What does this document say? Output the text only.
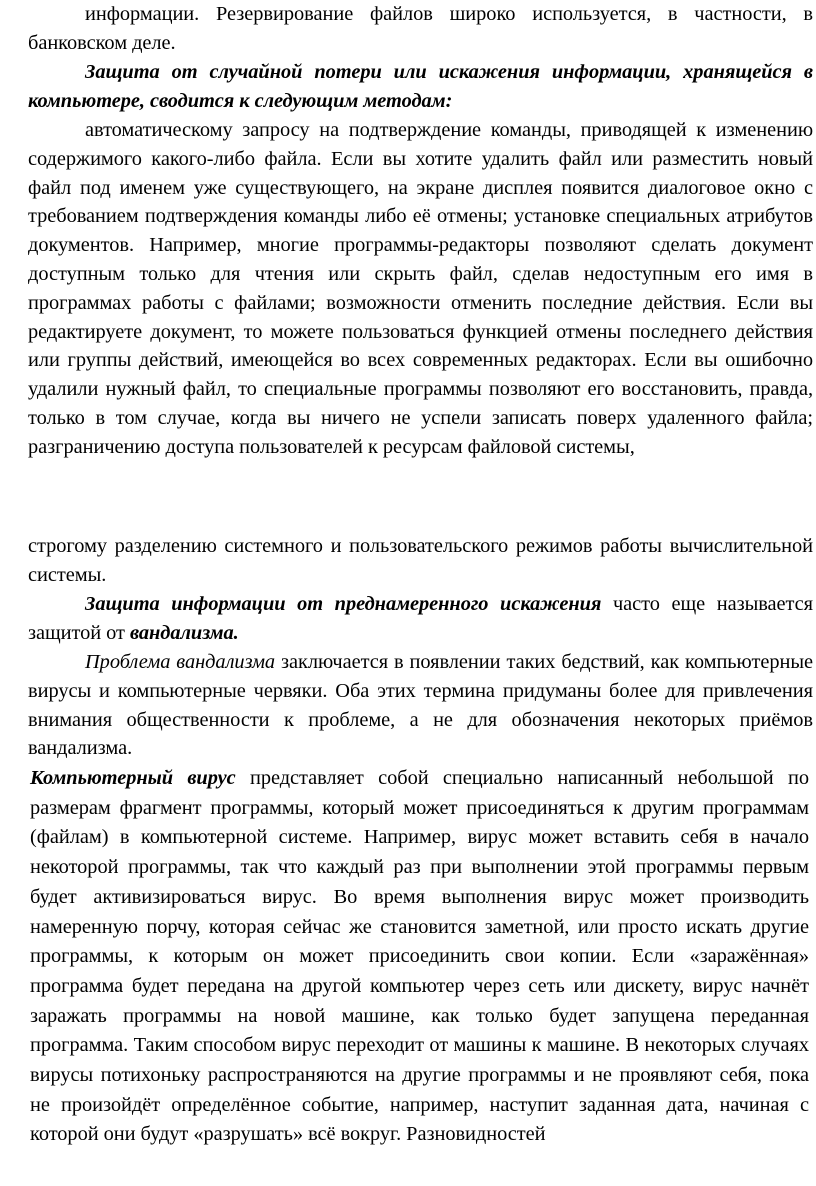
информации. Резервирование файлов широко используется, в частности, в банковском деле.

Защита от случайной потери или искажения информации, хранящейся в компьютере, сводится к следующим методам:

автоматическому запросу на подтверждение команды, приводящей к изменению содержимого какого-либо файла. Если вы хотите удалить файл или разместить новый файл под именем уже существующего, на экране дисплея появится диалоговое окно с требованием подтверждения команды либо её отмены; установке специальных атрибутов документов. Например, многие программы-редакторы позволяют сделать документ доступным только для чтения или скрыть файл, сделав недоступным его имя в программах работы с файлами; возможности отменить последние действия. Если вы редактируете документ, то можете пользоваться функцией отмены последнего действия или группы действий, имеющейся во всех современных редакторах. Если вы ошибочно удалили нужный файл, то специальные программы позволяют его восстановить, правда, только в том случае, когда вы ничего не успели записать поверх удаленного файла; разграничению доступа пользователей к ресурсам файловой системы,

строгому разделению системного и пользовательского режимов работы вычислительной системы.

Защита информации от преднамеренного искажения часто еще называется защитой от вандализма.

Проблема вандализма заключается в появлении таких бедствий, как компьютерные вирусы и компьютерные червяки. Оба этих термина придуманы более для привлечения внимания общественности к проблеме, а не для обозначения некоторых приёмов вандализма.

Компьютерный вирус представляет собой специально написанный небольшой по размерам фрагмент программы, который может присоединяться к другим программам (файлам) в компьютерной системе. Например, вирус может вставить себя в начало некоторой программы, так что каждый раз при выполнении этой программы первым будет активизироваться вирус. Во время выполнения вирус может производить намеренную порчу, которая сейчас же становится заметной, или просто искать другие программы, к которым он может присоединить свои копии. Если «заражённая» программа будет передана на другой компьютер через сеть или дискету, вирус начнёт заражать программы на новой машине, как только будет запущена переданная программа. Таким способом вирус переходит от машины к машине. В некоторых случаях вирусы потихоньку распространяются на другие программы и не проявляют себя, пока не произойдёт определённое событие, например, наступит заданная дата, начиная с которой они будут «разрушать» всё вокруг. Разновидностей
